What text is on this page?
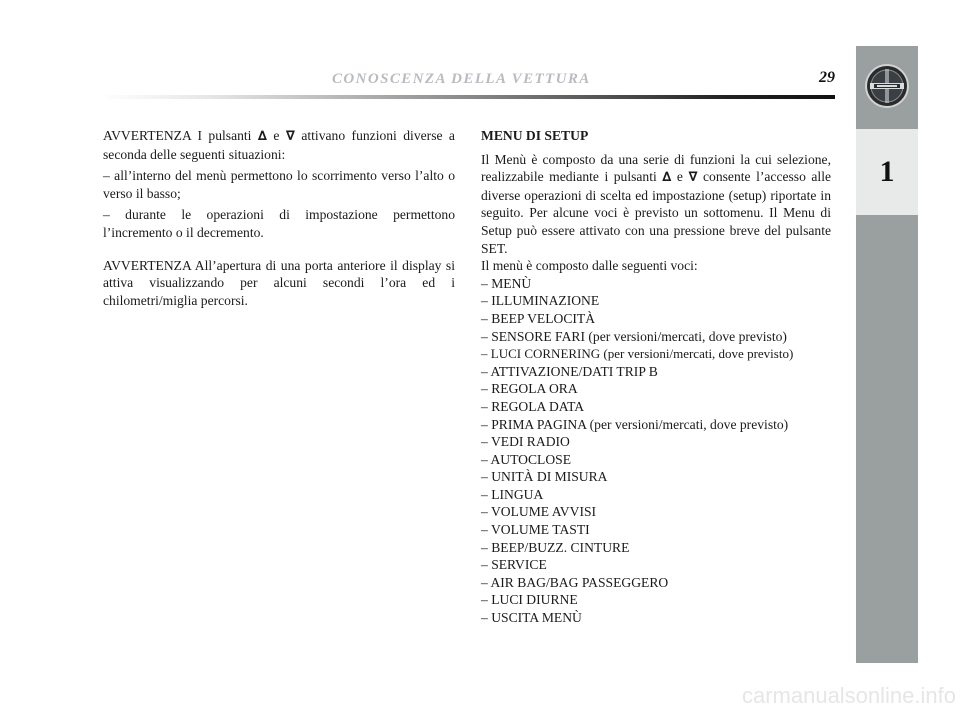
CONOSCENZA DELLA VETTURA	29
1

AVVERTENZA I pulsanti ∆ e ∇ attivano funzioni diverse a seconda delle seguenti situazioni:

– all’interno del menù permettono lo scorrimento verso l’alto o verso il basso;

– durante le operazioni di impostazione permettono l’incremento o il decremento.

AVVERTENZA All’apertura di una porta anteriore il display si attiva visualizzando per alcuni secondi l’ora ed i chilometri/miglia percorsi.

MENU DI SETUP

Il Menù è composto da una serie di funzioni la cui selezione, realizzabile mediante i pulsanti ∆ e ∇ consente l’accesso alle diverse operazioni di scelta ed impostazione (setup) riportate in seguito. Per alcune voci è previsto un sottomenu. Il Menu di Setup può essere attivato con una pressione breve del pulsante SET.

Il menù è composto dalle seguenti voci:

– MENÙ
– ILLUMINAZIONE
– BEEP VELOCITÀ
– SENSORE FARI (per versioni/mercati, dove previsto)
– LUCI CORNERING (per versioni/mercati, dove previsto)
– ATTIVAZIONE/DATI TRIP B
– REGOLA ORA
– REGOLA DATA
– PRIMA PAGINA (per versioni/mercati, dove previsto)
– VEDI RADIO
– AUTOCLOSE
– UNITÀ DI MISURA
– LINGUA
– VOLUME AVVISI
– VOLUME TASTI
– BEEP/BUZZ. CINTURE
– SERVICE
– AIR BAG/BAG PASSEGGERO
– LUCI DIURNE
– USCITA MENÙ
carmanualsonline.info
